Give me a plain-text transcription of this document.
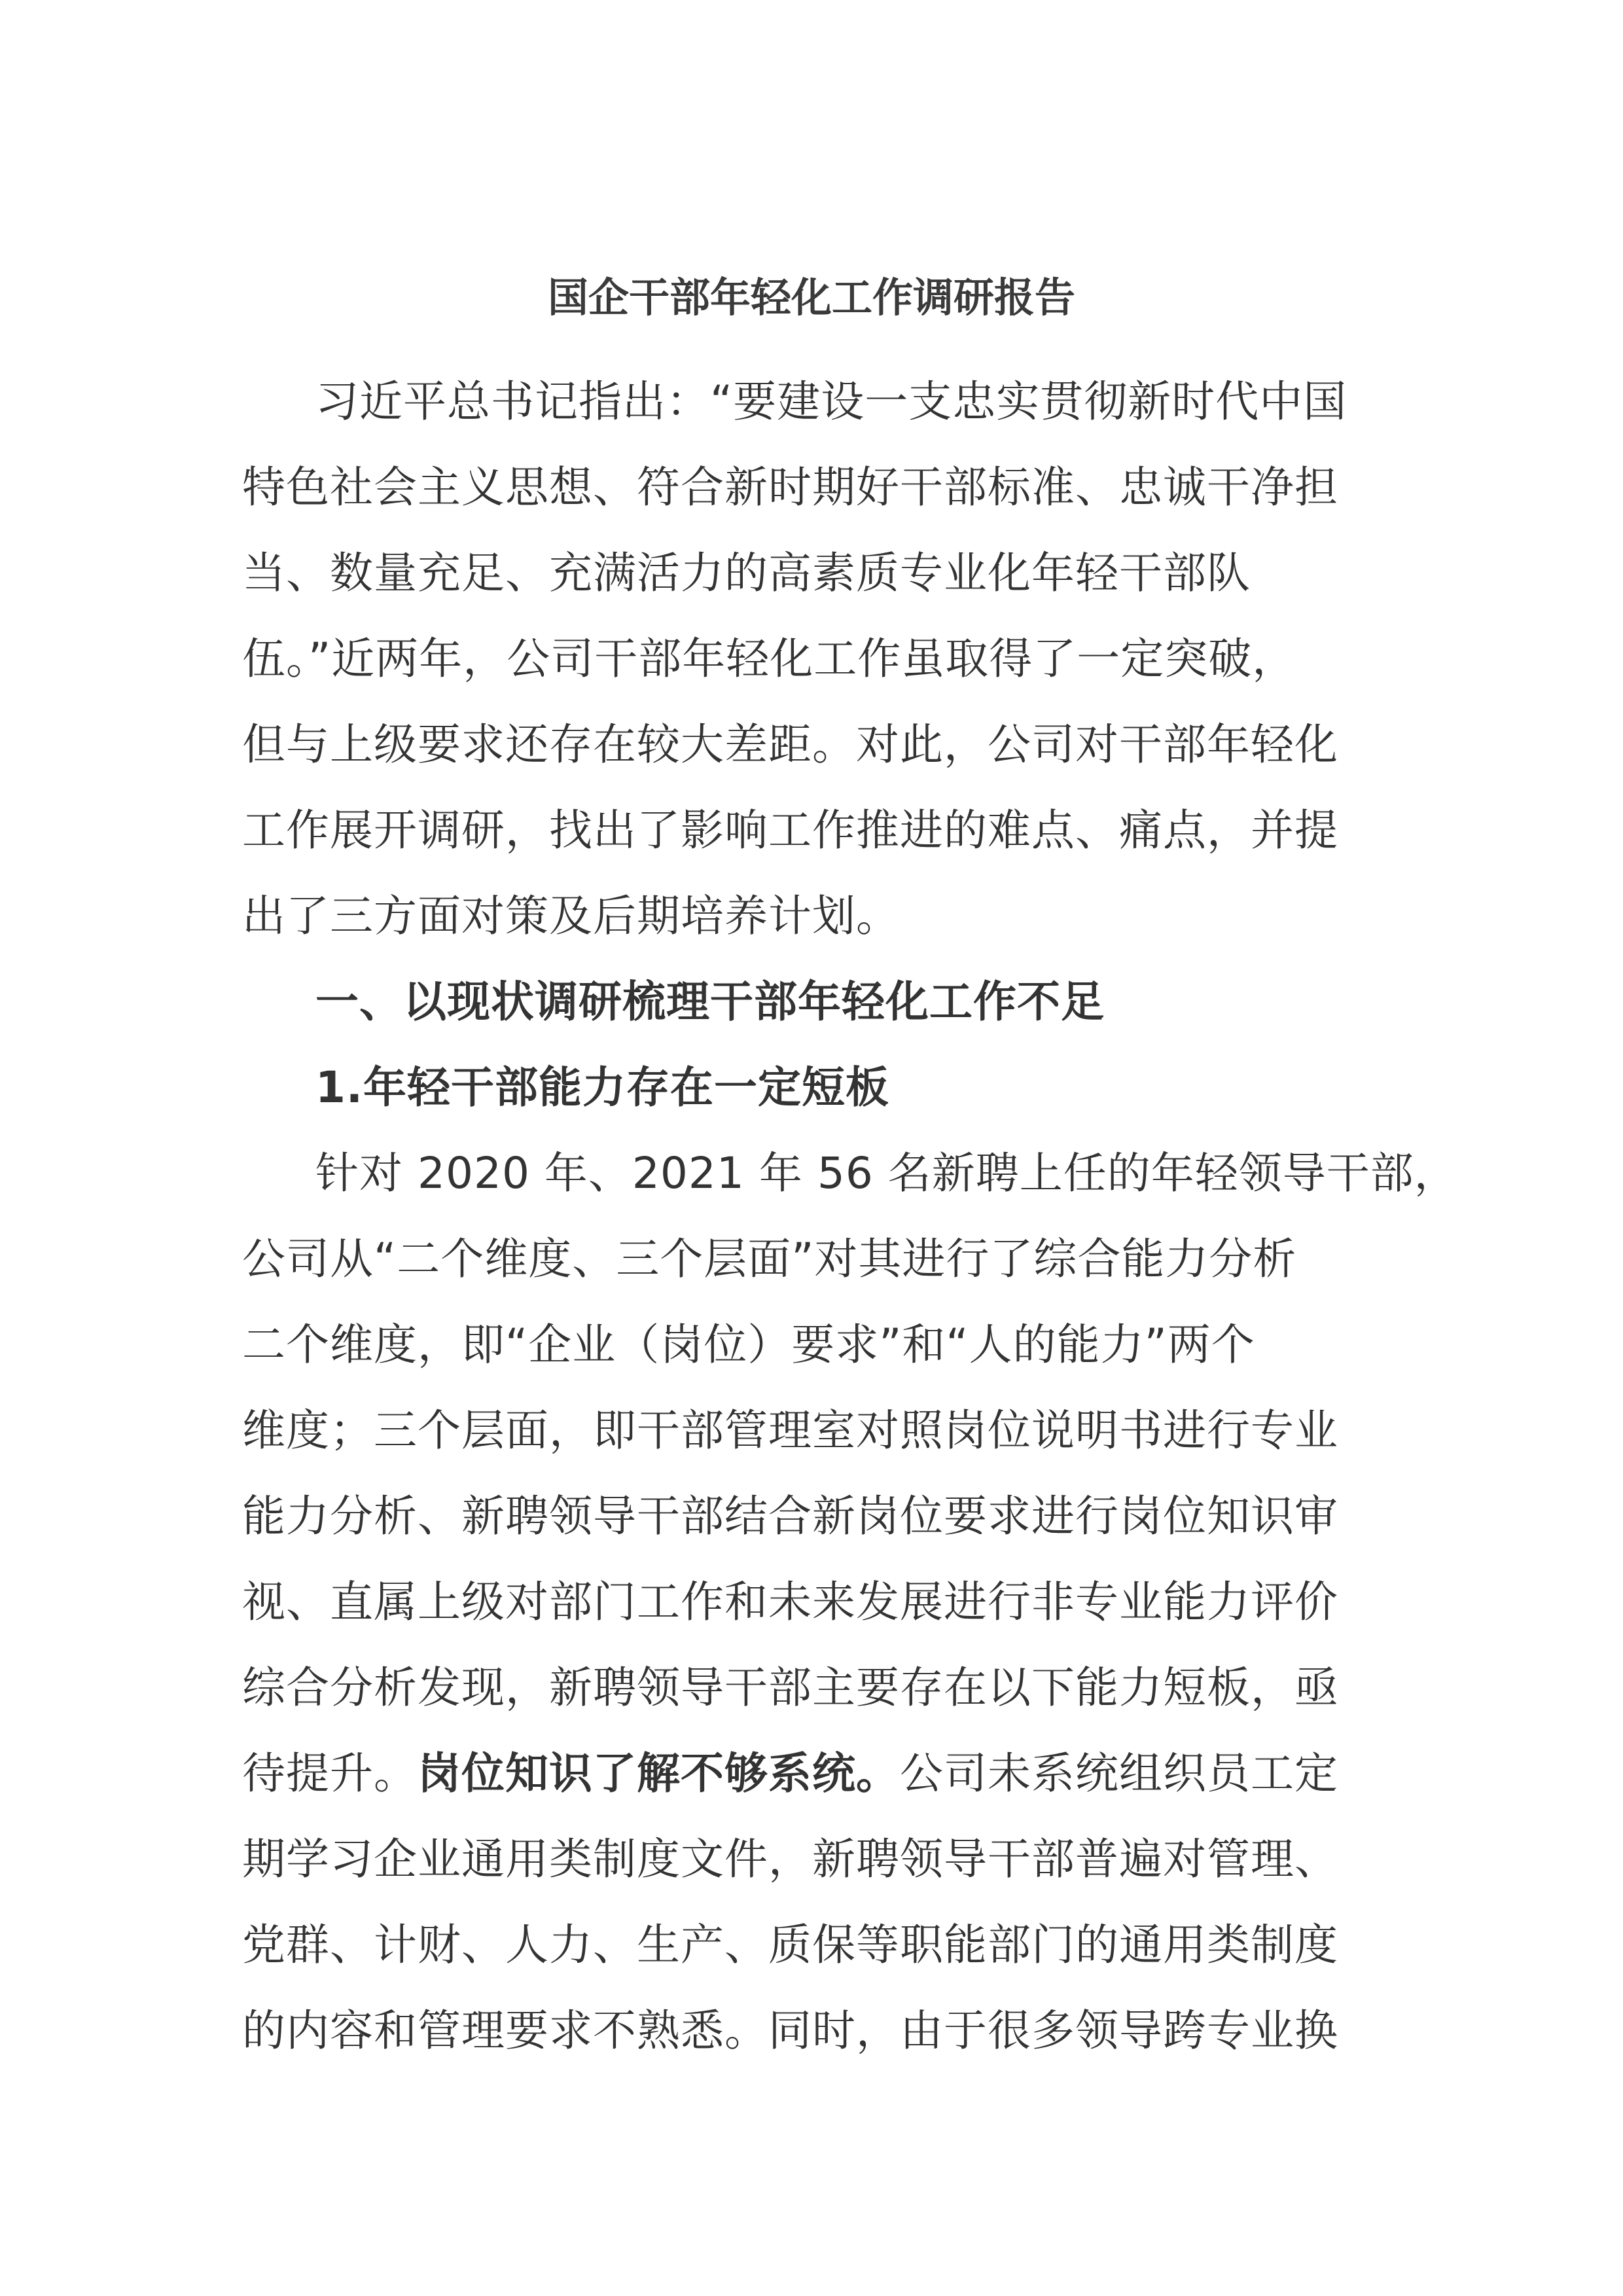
国企干部年轻化工作调研报告
习近平总书记指出：“要建设一支忠实贯彻新时代中国
特色社会主义思想、符合新时期好干部标准、忠诚干净担
当、数量充足、充满活力的高素质专业化年轻干部队
伍。”近两年，公司干部年轻化工作虽取得了一定突破，
但与上级要求还存在较大差距。对此，公司对干部年轻化
工作展开调研，找出了影响工作推进的难点、痛点，并提
出了三方面对策及后期培养计划。
一、以现状调研梳理干部年轻化工作不足
1.年轻干部能力存在一定短板
针对 2020 年、2021 年 56 名新聘上任的年轻领导干部，
公司从“二个维度、三个层面”对其进行了综合能力分析
二个维度，即“企业（岗位）要求”和“人的能力”两个
维度；三个层面，即干部管理室对照岗位说明书进行专业
能力分析、新聘领导干部结合新岗位要求进行岗位知识审
视、直属上级对部门工作和未来发展进行非专业能力评价
综合分析发现，新聘领导干部主要存在以下能力短板，亟
待提升。岗位知识了解不够系统。公司未系统组织员工定
期学习企业通用类制度文件，新聘领导干部普遍对管理、
党群、计财、人力、生产、质保等职能部门的通用类制度
的内容和管理要求不熟悉。同时，由于很多领导跨专业换
